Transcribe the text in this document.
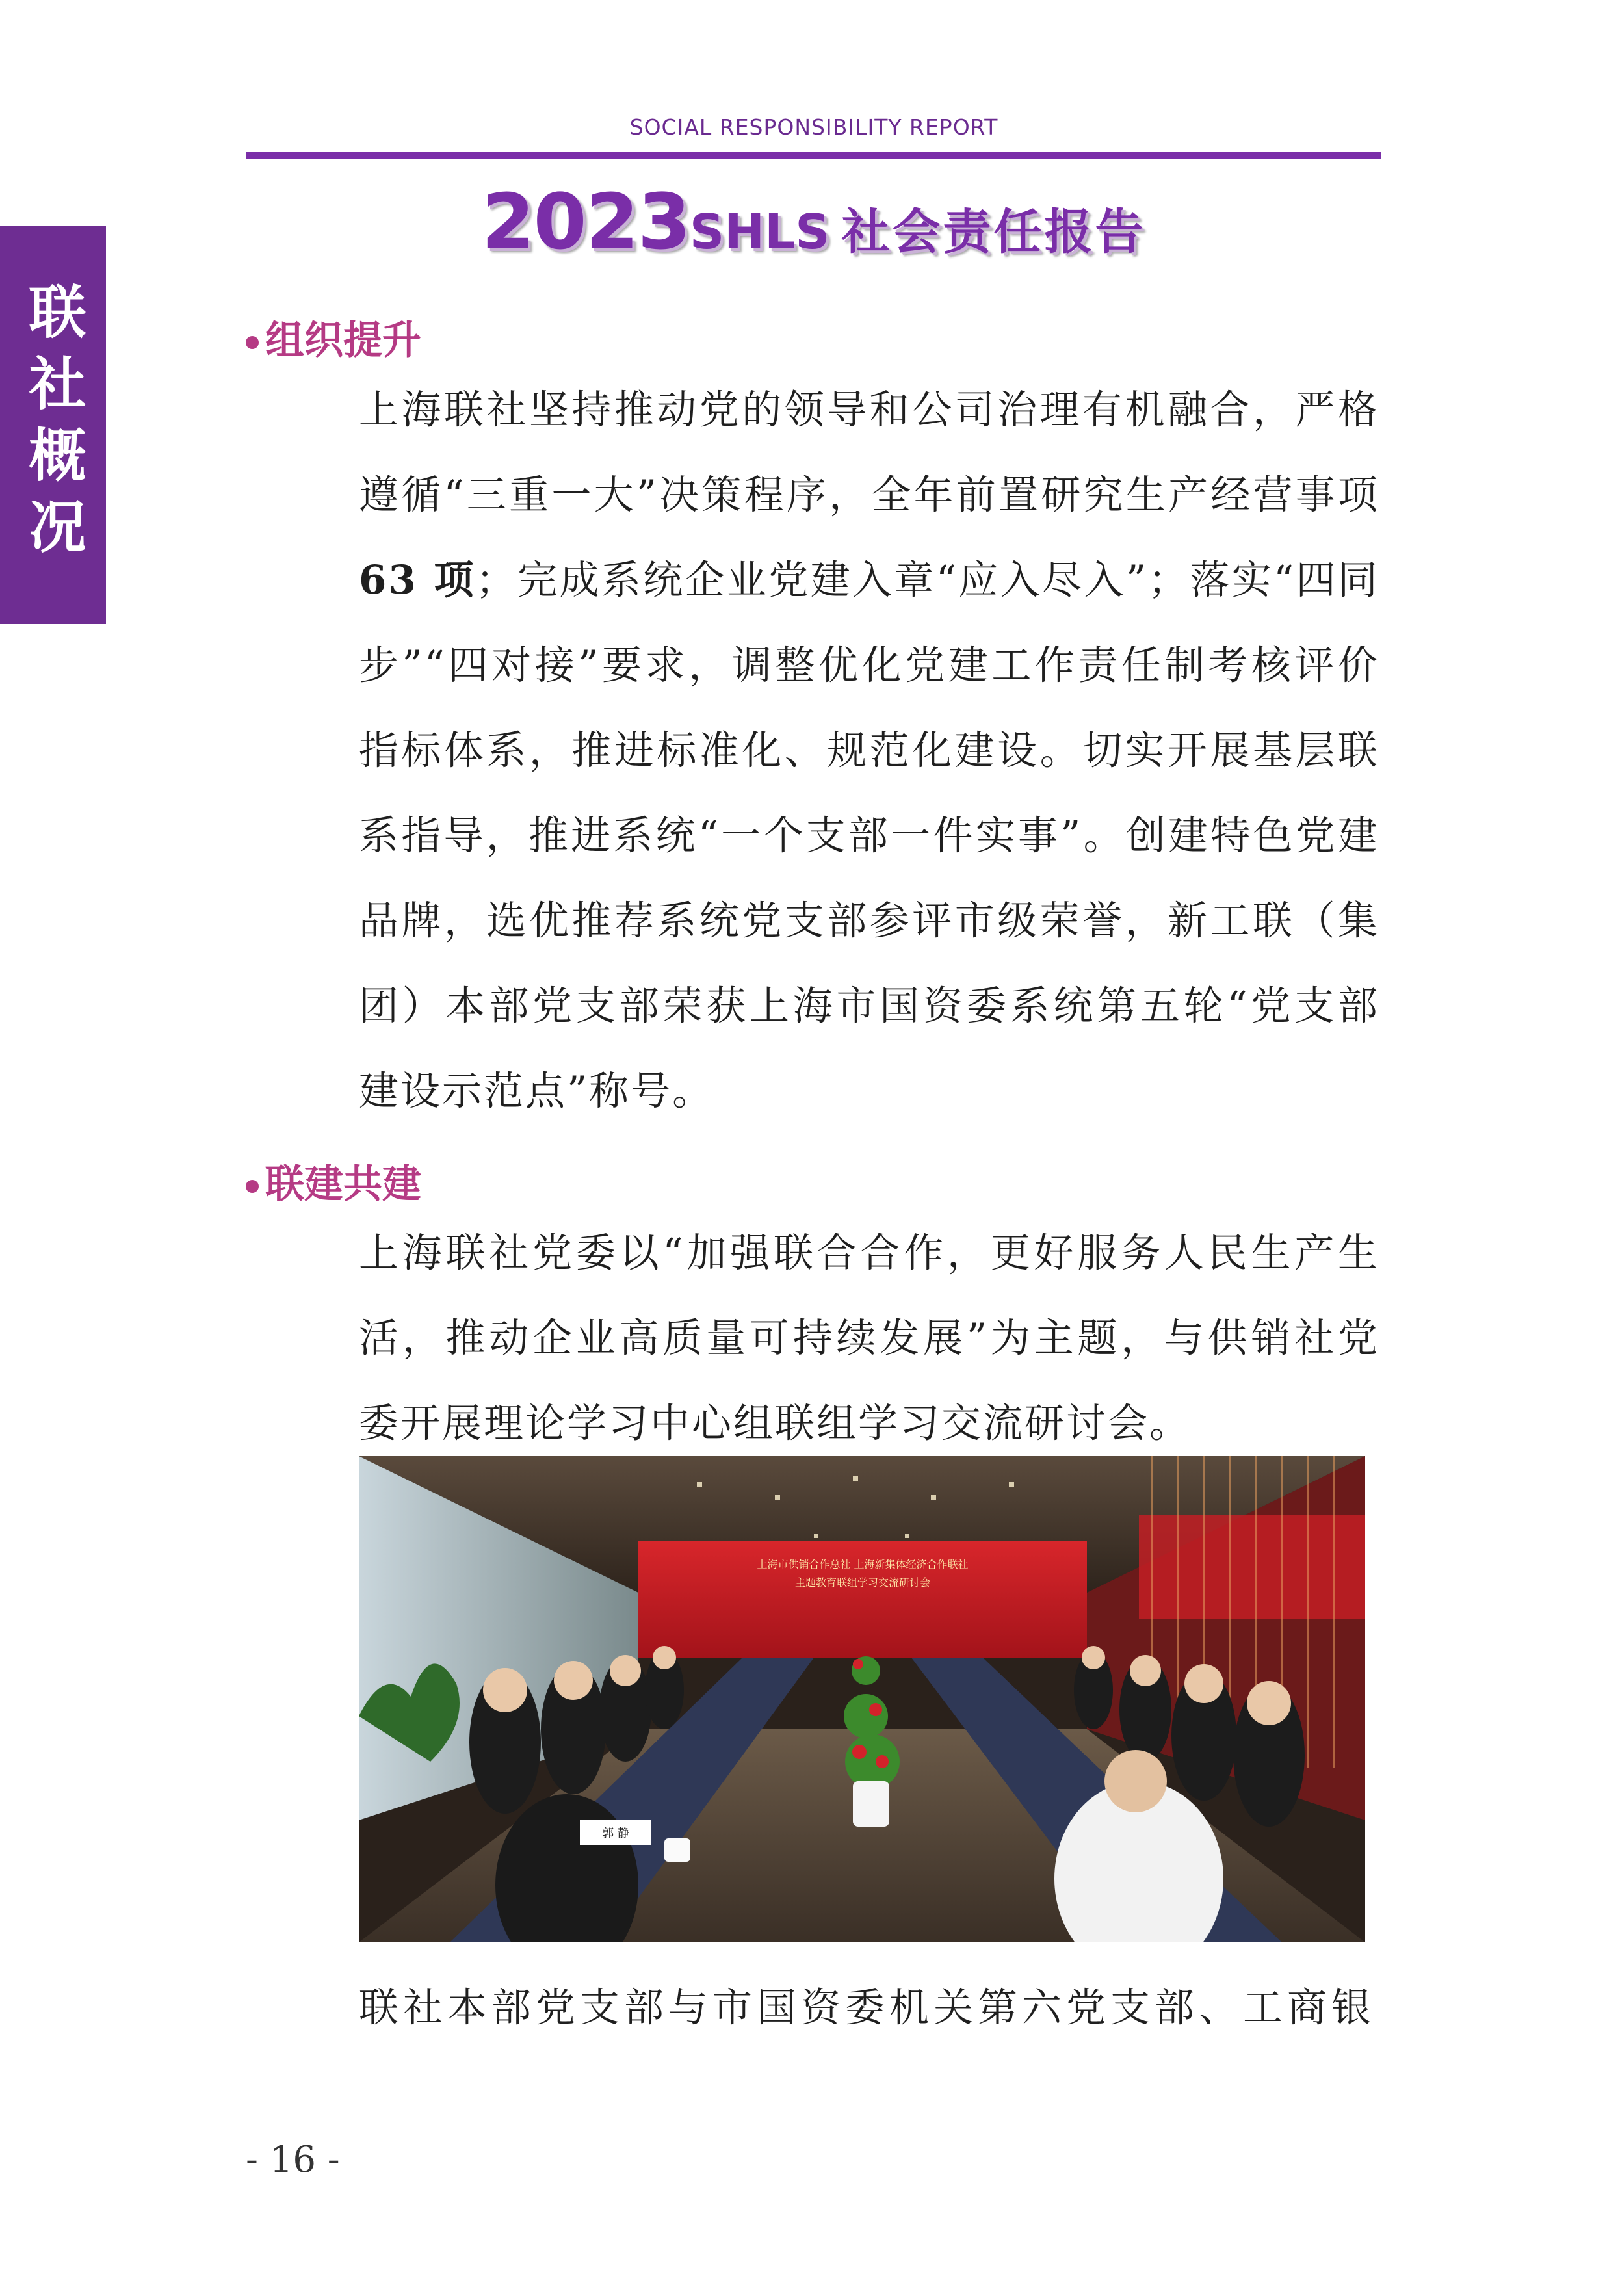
SOCIAL RESPONSIBILITY REPORT
2023SHLS 社会责任报告
联社概况	组织提升
上海联社坚持推动党的领导和公司治理有机融合，严格遵循“三重一大”决策程序，全年前置研究生产经营事项63 项；完成系统企业党建入章“应入尽入”；落实“四同步”“四对接”要求，调整优化党建工作责任制考核评价指标体系，推进标准化、规范化建设。切实开展基层联系指导，推进系统“一个支部一件实事”。创建特色党建品牌，选优推荐系统党支部参评市级荣誉，新工联（集团）本部党支部荣获上海市国资委系统第五轮“党支部建设示范点”称号。
联建共建
上海联社党委以“加强联合合作，更好服务人民生产生活，推动企业高质量可持续发展”为主题，与供销社党委开展理论学习中心组联组学习交流研讨会。
上海市供销合作总社 上海新集体经济合作联社
主题教育联组学习交流研讨会
郭 静
联社本部党支部与市国资委机关第六党支部、工商银
- 16 -
